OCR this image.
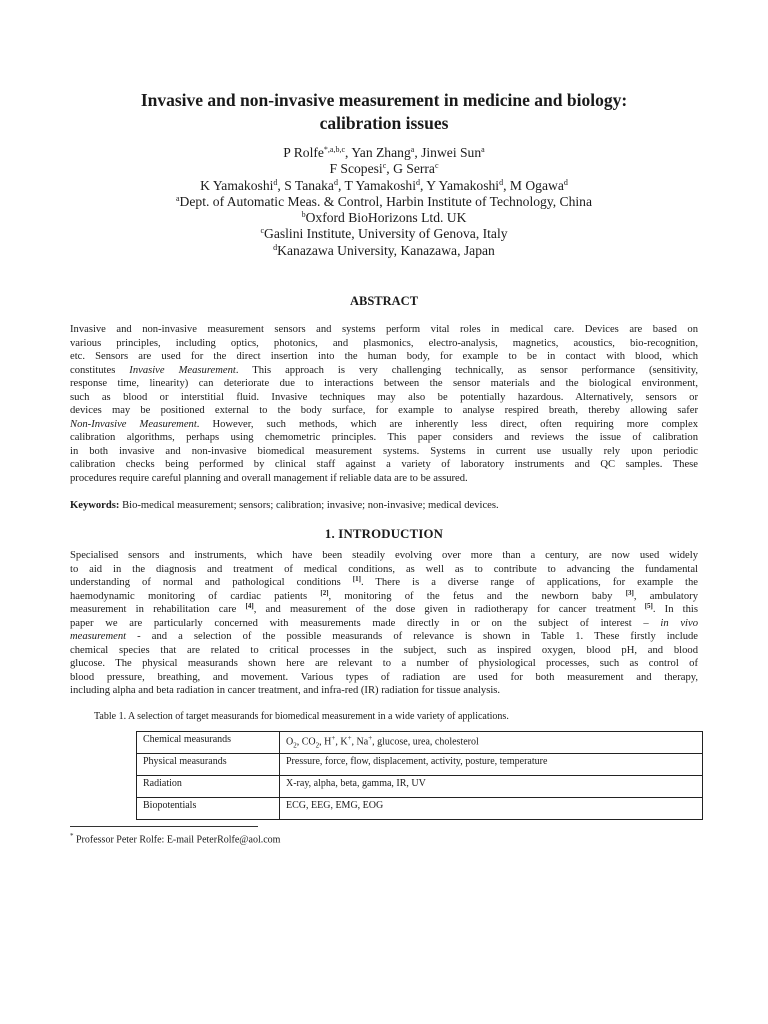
Invasive and non-invasive measurement in medicine and biology:
calibration issues
P Rolfe$^{*,a,b,c}$, Yan Zhang$^a$, Jinwei Sun$^a$
F Scopesi$^c$, G Serra$^c$
K Yamakoshi$^d$, S Tanaka$^d$, T Yamakoshi$^d$, Y Yamakoshi$^d$, M Ogawa$^d$
$^a$Dept. of Automatic Meas. & Control, Harbin Institute of Technology, China
$^b$Oxford BioHorizons Ltd. UK
$^c$Gaslini Institute, University of Genova, Italy
$^d$Kanazawa University, Kanazawa, Japan
ABSTRACT
Invasive and non-invasive measurement sensors and systems perform vital roles in medical care. Devices are based on
various principles, including optics, photonics, and plasmonics, electro-analysis, magnetics, acoustics, bio-recognition,
etc. Sensors are used for the direct insertion into the human body, for example to be in contact with blood, which
constitutes Invasive Measurement. This approach is very challenging technically, as sensor performance (sensitivity,
response time, linearity) can deteriorate due to interactions between the sensor materials and the biological environment,
such as blood or interstitial fluid. Invasive techniques may also be potentially hazardous. Alternatively, sensors or
devices may be positioned external to the body surface, for example to analyse respired breath, thereby allowing safer
Non-Invasive Measurement. However, such methods, which are inherently less direct, often requiring more complex
calibration algorithms, perhaps using chemometric principles. This paper considers and reviews the issue of calibration
in both invasive and non-invasive biomedical measurement systems. Systems in current use usually rely upon periodic
calibration checks being performed by clinical staff against a variety of laboratory instruments and QC samples. These
procedures require careful planning and overall management if reliable data are to be assured.
Keywords: Bio-medical measurement; sensors; calibration; invasive; non-invasive; medical devices.
1. INTRODUCTION
Specialised sensors and instruments, which have been steadily evolving over more than a century, are now used widely
to aid in the diagnosis and treatment of medical conditions, as well as to contribute to advancing the fundamental
understanding of normal and pathological conditions [1]. There is a diverse range of applications, for example the
haemodynamic monitoring of cardiac patients [2], monitoring of the fetus and the newborn baby [3], ambulatory
measurement in rehabilitation care [4], and measurement of the dose given in radiotherapy for cancer treatment [5]. In this
paper we are particularly concerned with measurements made directly in or on the subject of interest – in vivo
measurement - and a selection of the possible measurands of relevance is shown in Table 1. These firstly include
chemical species that are related to critical processes in the subject, such as inspired oxygen, blood pH, and blood
glucose. The physical measurands shown here are relevant to a number of physiological processes, such as control of
blood pressure, breathing, and movement. Various types of radiation are used for both measurement and therapy,
including alpha and beta radiation in cancer treatment, and infra-red (IR) radiation for tissue analysis.
Table 1. A selection of target measurands for biomedical measurement in a wide variety of applications.
Chemical measurands	$O_2$, $CO_2$, H+, K+, Na+, glucose, urea, cholesterol
Physical measurands	Pressure, force, flow, displacement, activity, posture, temperature
Radiation	X-ray, alpha, beta, gamma, IR, UV
Biopotentials	ECG, EEG, EMG, EOG
* Professor Peter Rolfe: E-mail PeterRolfe@aol.com
